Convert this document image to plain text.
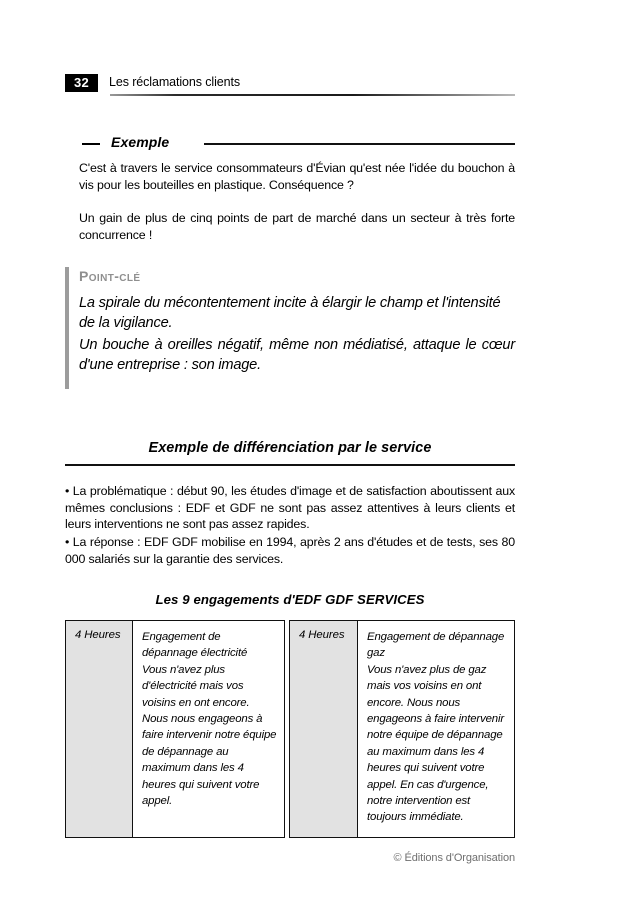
32	Les réclamations clients
Exemple
C'est à travers le service consommateurs d'Évian qu'est née l'idée du bouchon à vis pour les bouteilles en plastique. Conséquence ?
Un gain de plus de cinq points de part de marché dans un secteur à très forte concurrence !
Point-clé
La spirale du mécontentement incite à élargir le champ et l'intensité de la vigilance.
Un bouche à oreilles négatif, même non médiatisé, attaque le cœur d'une entreprise : son image.
Exemple de différenciation par le service
• La problématique : début 90, les études d'image et de satisfaction aboutissent aux mêmes conclusions : EDF et GDF ne sont pas assez attentives à leurs clients et leurs interventions ne sont pas assez rapides.
• La réponse : EDF GDF mobilise en 1994, après 2 ans d'études et de tests, ses 80 000 salariés sur la garantie des services.
Les 9 engagements d'EDF GDF SERVICES
4 Heures	Engagement de dépannage électricité
Vous n'avez plus d'électricité mais vos voisins en ont encore. Nous nous engageons à faire intervenir notre équipe de dépannage au maximum dans les 4 heures qui suivent votre appel.
4 Heures	Engagement de dépannage gaz
Vous n'avez plus de gaz mais vos voisins en ont encore. Nous nous engageons à faire intervenir notre équipe de dépannage au maximum dans les 4 heures qui suivent votre appel. En cas d'urgence, notre intervention est toujours immédiate.
© Éditions d'Organisation
